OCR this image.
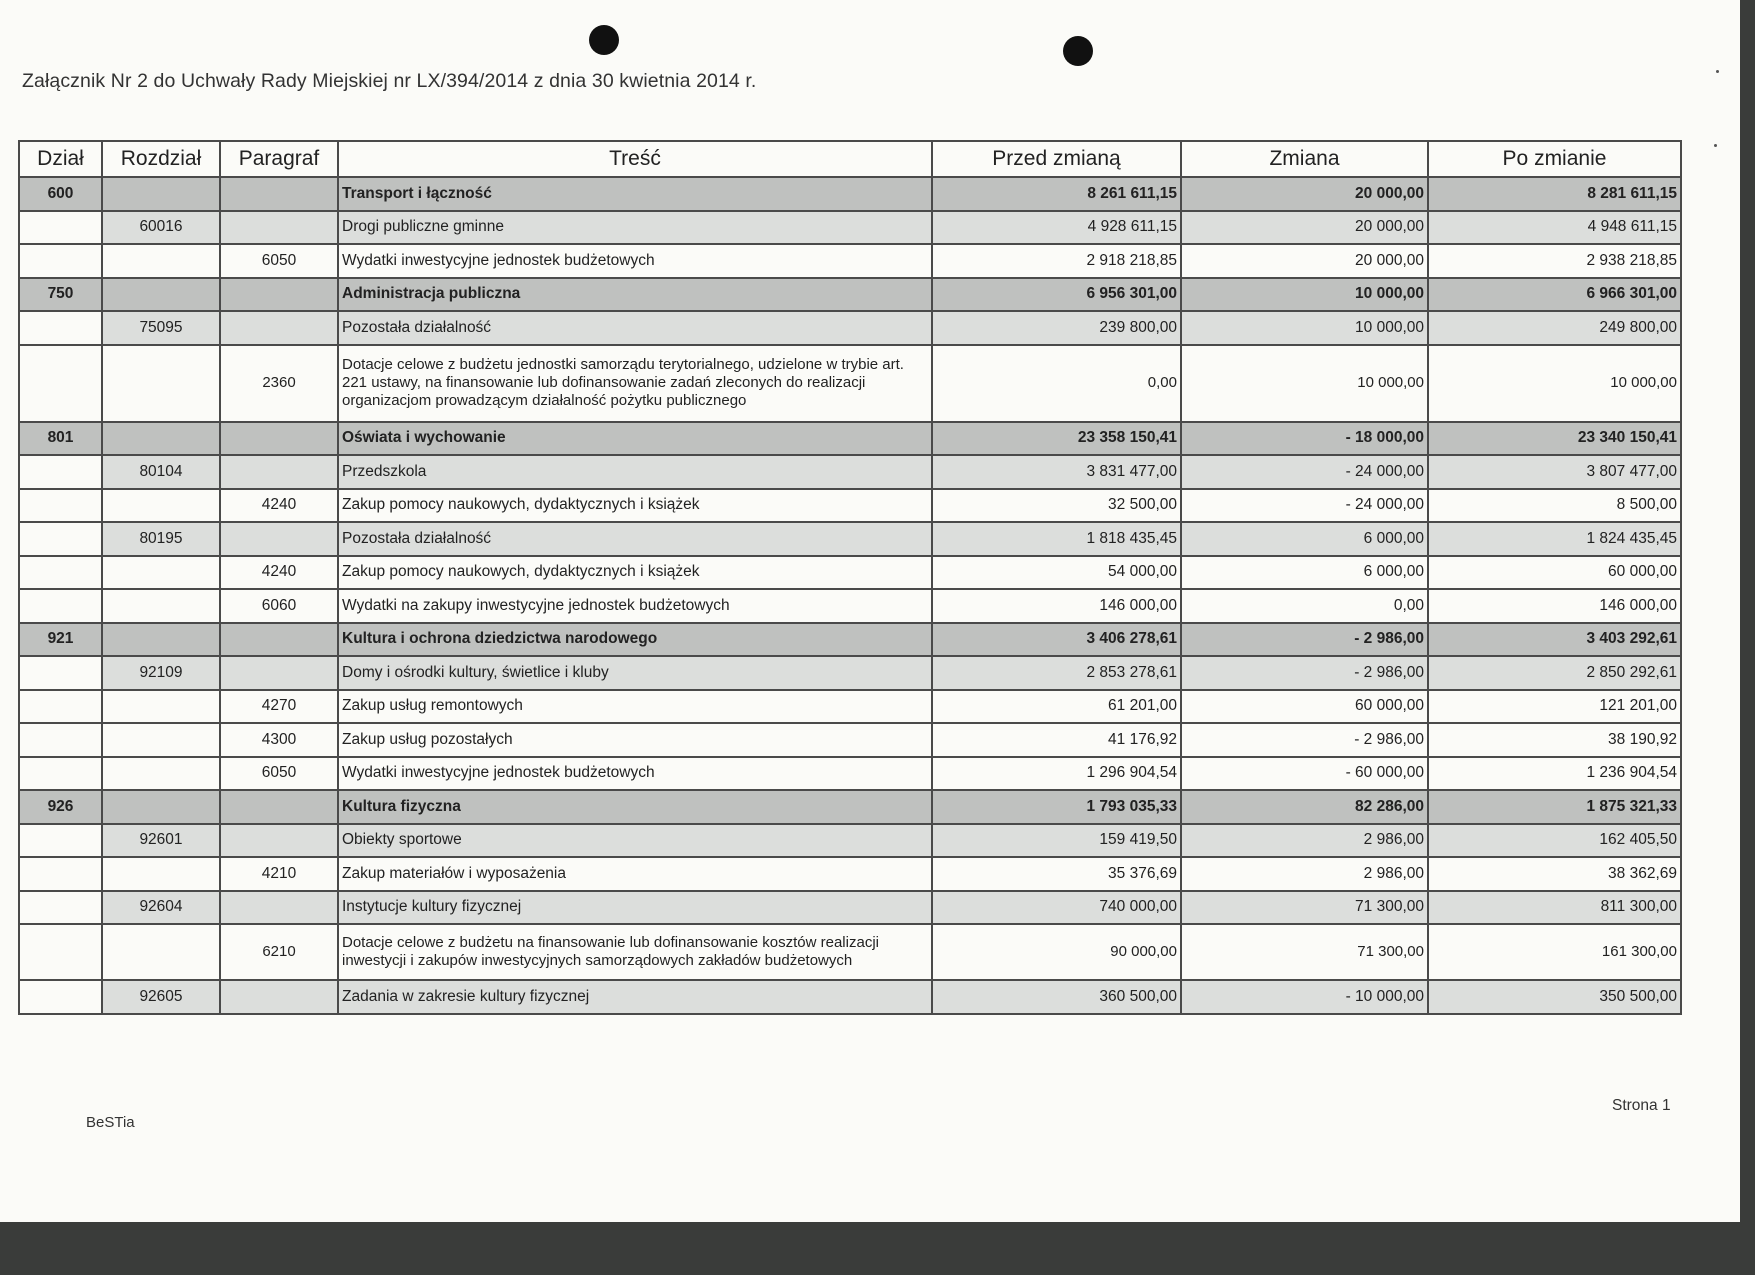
Załącznik Nr 2 do Uchwały Rady Miejskiej nr LX/394/2014 z dnia 30 kwietnia 2014 r.
Dział	Rozdział	Paragraf	Treść	Przed zmianą	Zmiana	Po zmianie
600			Transport i łączność	8 261 611,15	20 000,00	8 281 611,15
	60016		Drogi publiczne gminne	4 928 611,15	20 000,00	4 948 611,15
		6050	Wydatki inwestycyjne jednostek budżetowych	2 918 218,85	20 000,00	2 938 218,85
750			Administracja publiczna	6 956 301,00	10 000,00	6 966 301,00
	75095		Pozostała działalność	239 800,00	10 000,00	249 800,00
		2360	Dotacje celowe z budżetu jednostki samorządu terytorialnego, udzielone w trybie art. 221 ustawy, na finansowanie lub dofinansowanie zadań zleconych do realizacji organizacjom prowadzącym działalność pożytku publicznego	0,00	10 000,00	10 000,00
801			Oświata i wychowanie	23 358 150,41	- 18 000,00	23 340 150,41
	80104		Przedszkola	3 831 477,00	- 24 000,00	3 807 477,00
		4240	Zakup pomocy naukowych, dydaktycznych i książek	32 500,00	- 24 000,00	8 500,00
	80195		Pozostała działalność	1 818 435,45	6 000,00	1 824 435,45
		4240	Zakup pomocy naukowych, dydaktycznych i książek	54 000,00	6 000,00	60 000,00
		6060	Wydatki na zakupy inwestycyjne jednostek budżetowych	146 000,00	0,00	146 000,00
921			Kultura i ochrona dziedzictwa narodowego	3 406 278,61	- 2 986,00	3 403 292,61
	92109		Domy i ośrodki kultury, świetlice i kluby	2 853 278,61	- 2 986,00	2 850 292,61
		4270	Zakup usług remontowych	61 201,00	60 000,00	121 201,00
		4300	Zakup usług pozostałych	41 176,92	- 2 986,00	38 190,92
		6050	Wydatki inwestycyjne jednostek budżetowych	1 296 904,54	- 60 000,00	1 236 904,54
926			Kultura fizyczna	1 793 035,33	82 286,00	1 875 321,33
	92601		Obiekty sportowe	159 419,50	2 986,00	162 405,50
		4210	Zakup materiałów i wyposażenia	35 376,69	2 986,00	38 362,69
	92604		Instytucje kultury fizycznej	740 000,00	71 300,00	811 300,00
		6210	Dotacje celowe z budżetu na finansowanie lub dofinansowanie kosztów realizacji inwestycji i zakupów inwestycyjnych samorządowych zakładów budżetowych	90 000,00	71 300,00	161 300,00
	92605		Zadania w zakresie kultury fizycznej	360 500,00	- 10 000,00	350 500,00
BeSTia
Strona 1
